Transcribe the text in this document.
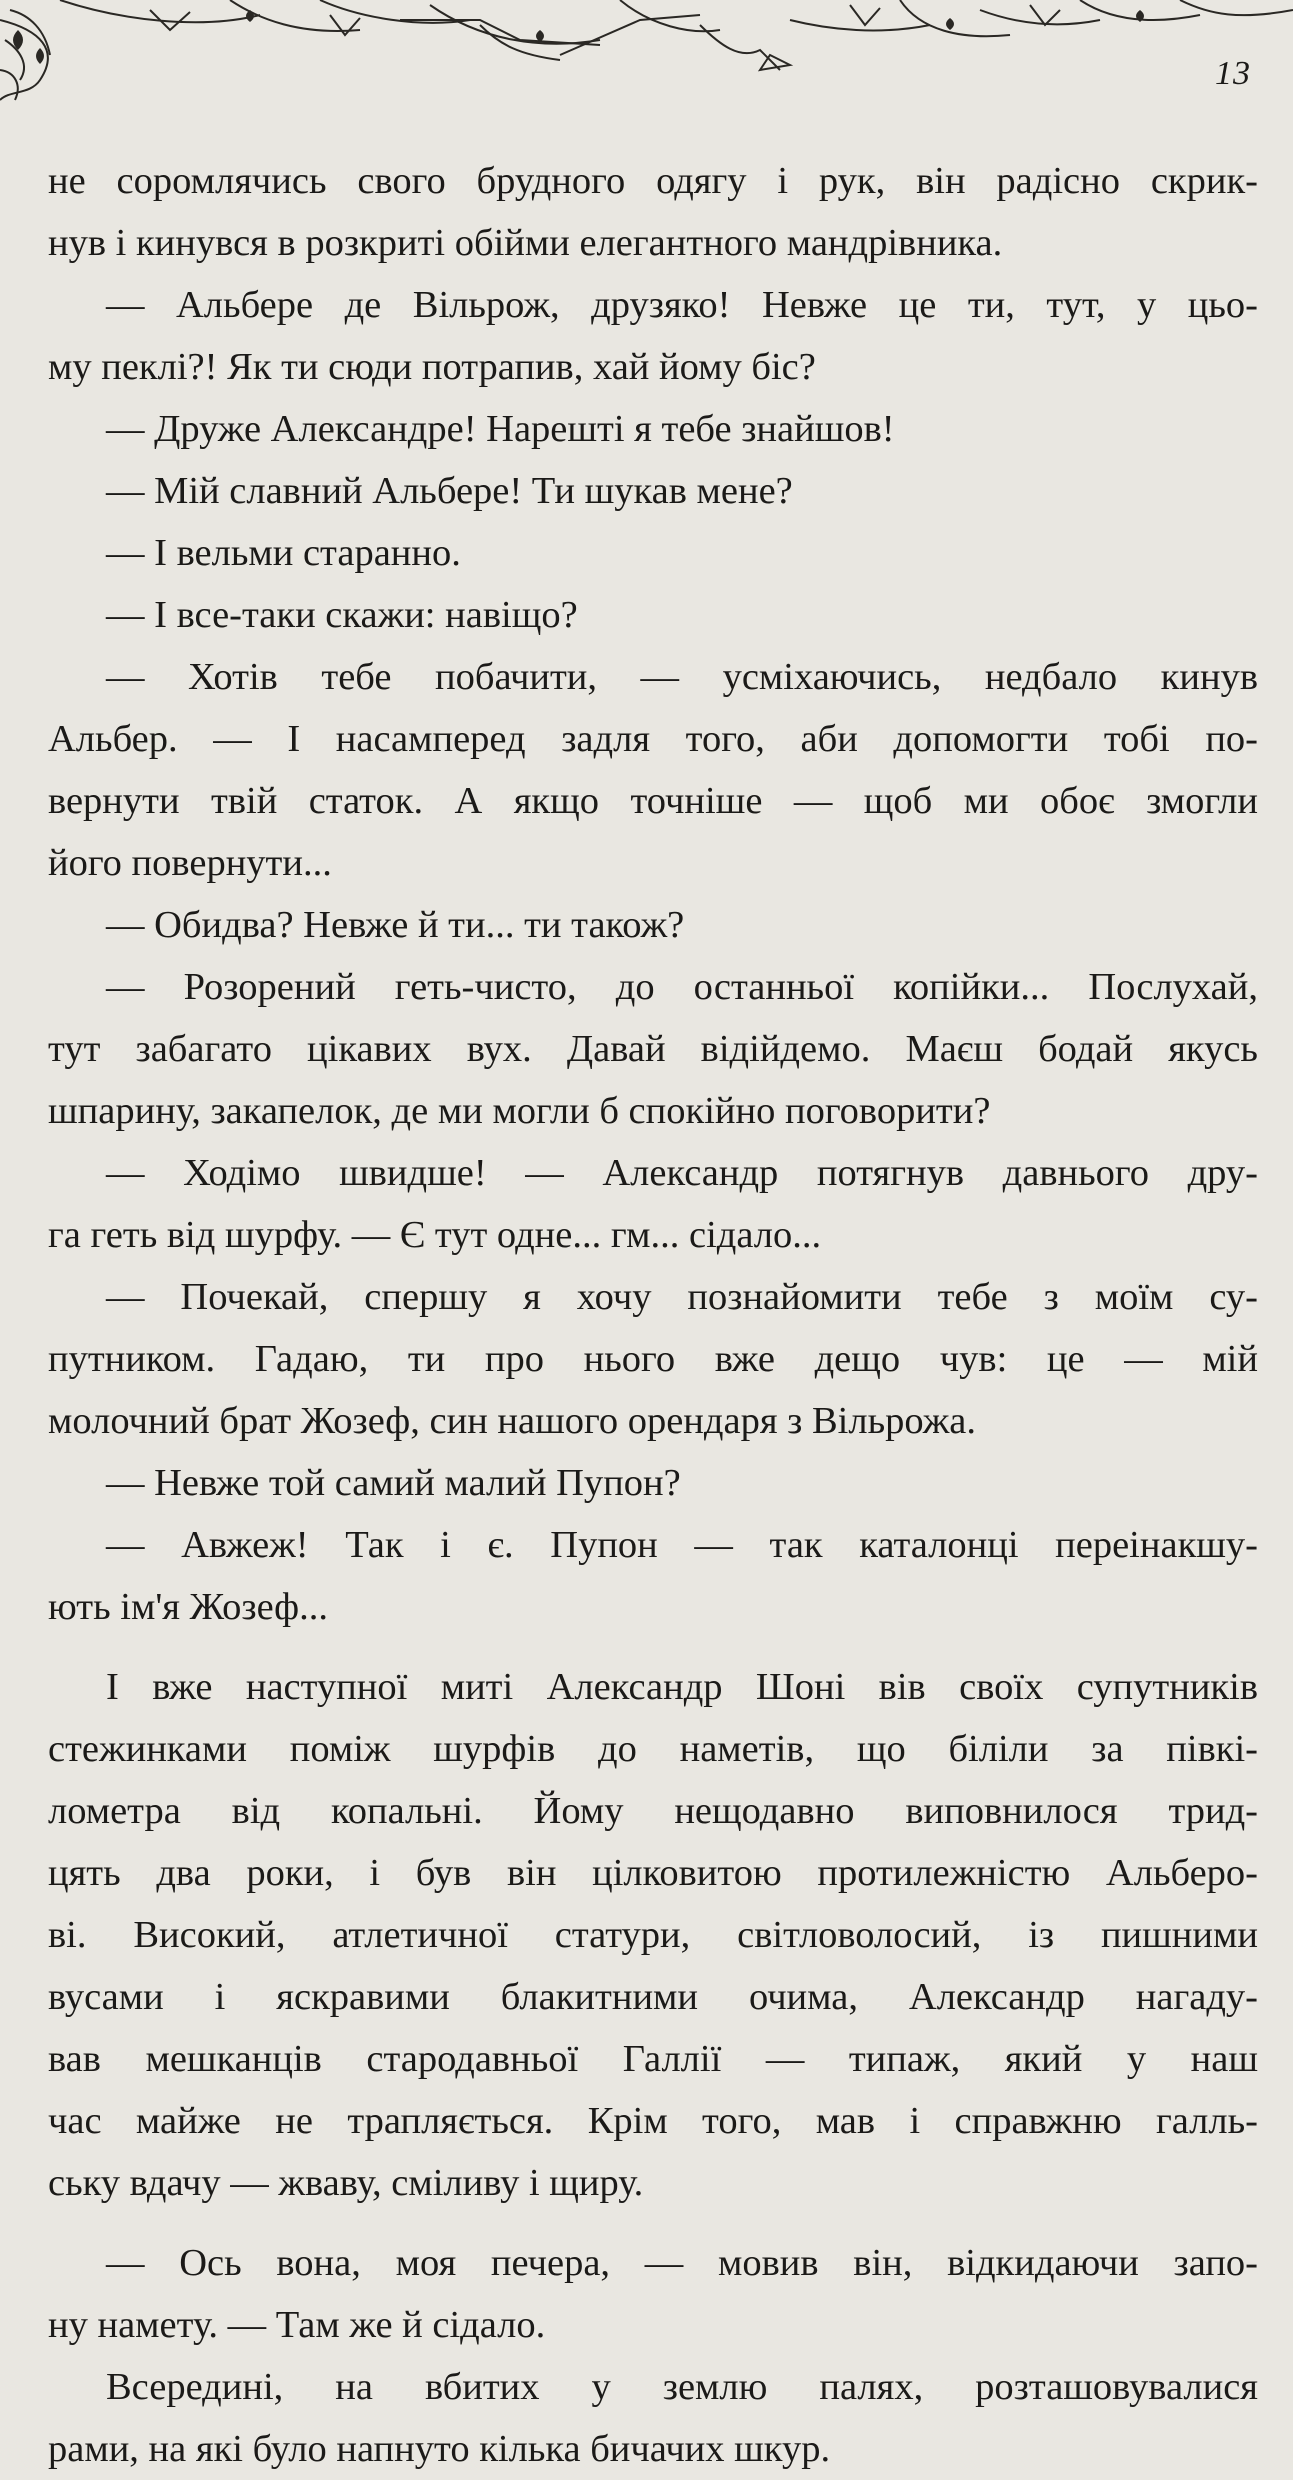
13
не соромлячись свого брудного одягу і рук, він радісно скрик-
нув і кинувся в розкриті обійми елегантного мандрівника.
— Альбере де Вільрож, друзяко! Невже це ти, тут, у цьо-
му пеклі?! Як ти сюди потрапив, хай йому біс?
— Друже Александре! Нарешті я тебе знайшов!
— Мій славний Альбере! Ти шукав мене?
— І вельми старанно.
— І все-таки скажи: навіщо?
— Хотів тебе побачити, — усміхаючись, недбало кинув
Альбер. — І насамперед задля того, аби допомогти тобі по-
вернути твій статок. А якщо точніше — щоб ми обоє змогли
його повернути...
— Обидва? Невже й ти... ти також?
— Розорений геть-чисто, до останньої копійки... Послухай,
тут забагато цікавих вух. Давай відійдемо. Маєш бодай якусь
шпарину, закапелок, де ми могли б спокійно поговорити?
— Ходімо швидше! — Александр потягнув давнього дру-
га геть від шурфу. — Є тут одне... гм... сідало...
— Почекай, спершу я хочу познайомити тебе з моїм су-
путником. Гадаю, ти про нього вже дещо чув: це — мій
молочний брат Жозеф, син нашого орендаря з Вільрожа.
— Невже той самий малий Пупон?
— Авжеж! Так і є. Пупон — так каталонці переінакшу-
ють ім'я Жозеф...
І вже наступної миті Александр Шоні вів своїх супутників
стежинками поміж шурфів до наметів, що біліли за півкі-
лометра від копальні. Йому нещодавно виповнилося трид-
цять два роки, і був він цілковитою протилежністю Альберо-
ві. Високий, атлетичної статури, світловолосий, із пишними
вусами і яскравими блакитними очима, Александр нагаду-
вав мешканців стародавньої Галлії — типаж, який у наш
час майже не трапляється. Крім того, мав і справжню галль-
ську вдачу — жваву, сміливу і щиру.
— Ось вона, моя печера, — мовив він, відкидаючи запо-
ну намету. — Там же й сідало.
Всередині, на вбитих у землю палях, розташовувалися
рами, на які було напнуто кілька бичачих шкур.
